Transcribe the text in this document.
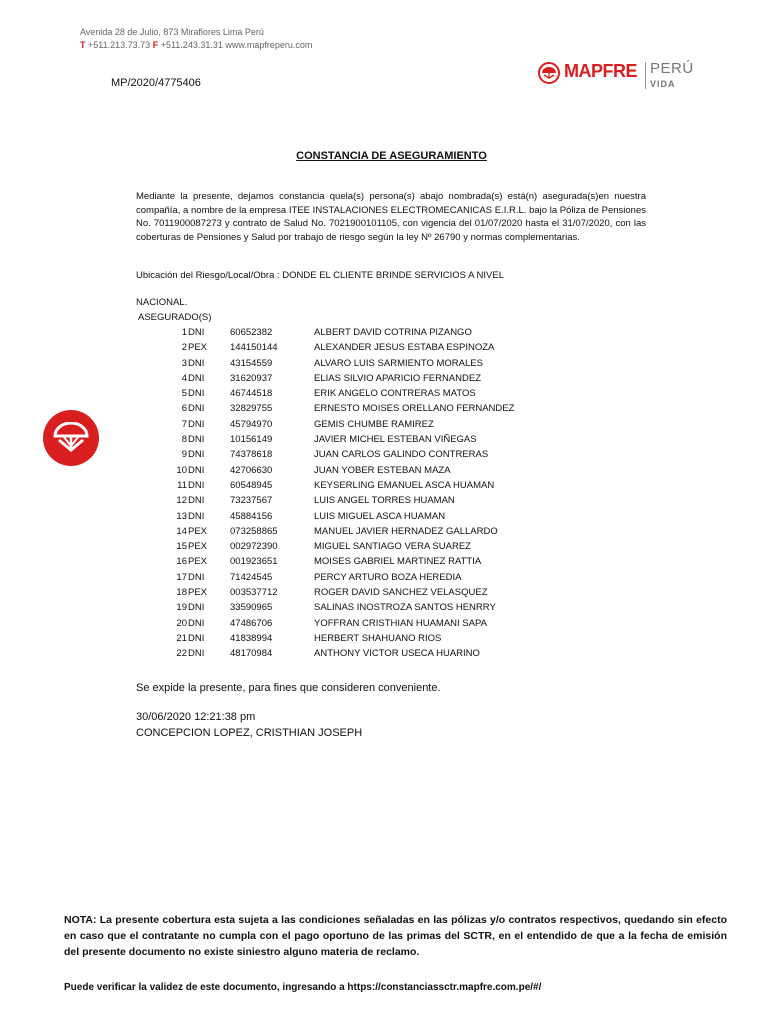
Avenida 28 de Julio, 873 Miraflores Lima Perú
T +511.213.73.73 F +511.243.31.31 www.mapfreperu.com
MP/2020/4775406
MAPFRE PERÚ
VIDA
CONSTANCIA DE ASEGURAMIENTO
Mediante la presente, dejamos constancia quela(s) persona(s) abajo nombrada(s) está(n) asegurada(s)en nuestra compañía, a nombre de la empresa ITEE INSTALACIONES ELECTROMECANICAS E.I.R.L. bajo la Póliza de Pensiones No. 7011900087273 y contrato de Salud No. 7021900101105, con vigencia del 01/07/2020 hasta el 31/07/2020, con las coberturas de Pensiones y Salud por trabajo de riesgo según la ley Nº 26790 y normas complementarias.
Ubicación del Riesgo/Local/Obra : DONDE EL CLIENTE BRINDE SERVICIOS A NIVEL
NACIONAL.
ASEGURADO(S)
1 DNI	60652382	ALBERT DAVID COTRINA PIZANGO
2 PEX 144150144	ALEXANDER JESUS ESTABA ESPINOZA
3 DNI	43154559	ALVARO LUIS SARMIENTO MORALES
4 DNI	31620937	ELIAS SILVIO APARICIO FERNANDEZ
5 DNI	46744518	ERIK ANGELO CONTRERAS MATOS
6 DNI	32829755	ERNESTO MOISES ORELLANO FERNANDEZ
7 DNI	45794970	GEMIS CHUMBE RAMIREZ
8 DNI	10156149	JAVIER MICHEL ESTEBAN VIÑEGAS
9 DNI	74378618	JUAN CARLOS GALINDO CONTRERAS
10 DNI	42706630	JUAN YOBER ESTEBAN MAZA
11 DNI	60548945	KEYSERLING EMANUEL ASCA HUAMAN
12 DNI	73237567	LUIS ANGEL TORRES HUAMAN
13 DNI	45884156	LUIS MIGUEL ASCA HUAMAN
14 PEX 073258865	MANUEL JAVIER HERNADEZ GALLARDO
15 PEX 002972390	MIGUEL SANTIAGO VERA SUAREZ
16 PEX 001923651	MOISES GABRIEL MARTINEZ RATTIA
17 DNI	71424545	PERCY ARTURO BOZA HEREDIA
18 PEX 003537712	ROGER DAVID SANCHEZ VELASQUEZ
19 DNI	33590965	SALINAS INOSTROZA SANTOS HENRRY
20 DNI	47486706	YOFFRAN CRISTHIAN HUAMANI SAPA
21 DNI	41838994	HERBERT SHAHUANO RIOS
22 DNI	48170984	ANTHONY VICTOR USECA HUARINO
Se expide la presente, para fines que consideren conveniente.
30/06/2020 12:21:38 pm
CONCEPCION LOPEZ, CRISTHIAN JOSEPH
NOTA: La presente cobertura esta sujeta a las condiciones señaladas en las pólizas y/o contratos respectivos, quedando sin efecto en caso que el contratante no cumpla con el pago oportuno de las primas del SCTR, en el entendido de que a la fecha de emisión del presente documento no existe siniestro alguno materia de reclamo.
Puede verificar la validez de este documento, ingresando a https://constanciassctr.mapfre.com.pe/#/
